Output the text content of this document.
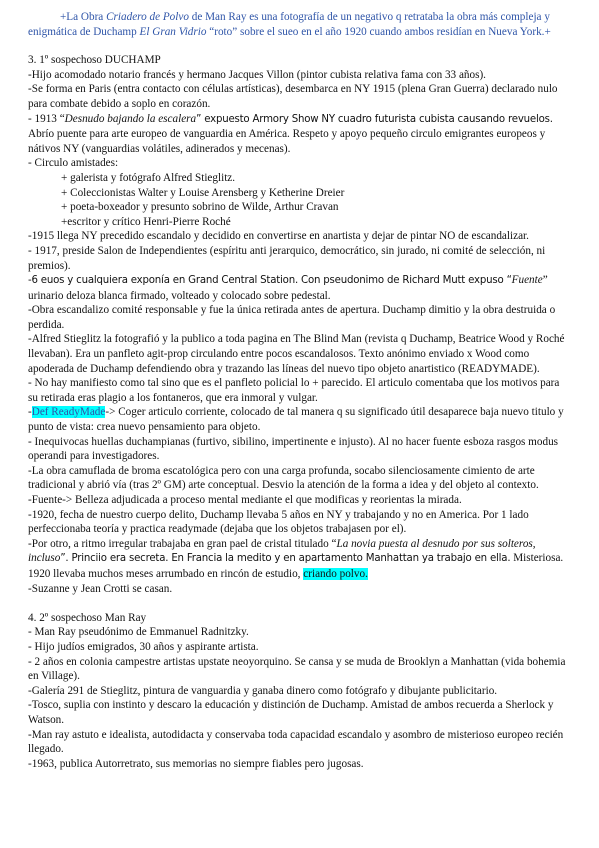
+La Obra Criadero de Polvo de Man Ray es una fotografía de un negativo q retrataba la obra más compleja y enigmática de Duchamp El Gran Vidrio “roto” sobre el sueo en el año 1920 cuando ambos residían en Nueva York.+

3. 1º sospechoso DUCHAMP

-Hijo acomodado notario francés y hermano Jacques Villon (pintor cubista relativa fama con 33 años).

-Se forma en Paris (entra contacto con células artísticas), desembarca en NY 1915 (plena Gran Guerra) declarado nulo para combate debido a soplo en corazón.

- 1913 “Desnudo bajando la escalera” expuesto Armory Show NY cuadro futurista cubista causando revuelos. Abrío puente para arte europeo de vanguardia en América. Respeto y apoyo pequeño circulo emigrantes europeos y nátivos NY (vanguardias volátiles, adinerados y mecenas).

- Circulo amistades:

+ galerista y fotógrafo Alfred Stieglitz.

+ Coleccionistas Walter y Louise Arensberg y Ketherine Dreier

+ poeta-boxeador y presunto sobrino de Wilde, Arthur Cravan

+escritor y crítico Henri-Pierre Roché

-1915 llega NY precedido escandalo y decidido en convertirse en anartista y dejar de pintar NO de escandalizar.

- 1917, preside Salon de Independientes (espíritu anti jerarquico, democrático, sin jurado, ni comité de selección, ni premios).

-6 euos y cualquiera exponía en Grand Central Station. Con pseudonimo de Richard Mutt expuso “Fuente” urinario deloza blanca firmado, volteado y colocado sobre pedestal.

-Obra escandalizo comité responsable y fue la única retirada antes de apertura. Duchamp dimitio y la obra destruida o perdida.

-Alfred Stieglitz la fotografió y la publico a toda pagina en The Blind Man (revista q Duchamp, Beatrice Wood y Roché llevaban). Era un panfleto agit-prop circulando entre pocos escandalosos. Texto anónimo enviado x Wood como apoderada de Duchamp defendiendo obra y trazando las líneas del nuevo tipo objeto anartistico (READYMADE).

- No hay manifiesto como tal sino que es el panfleto policial lo + parecido. El articulo comentaba que los motivos para su retirada eras plagio a los fontaneros, que era inmoral y vulgar.

-Def ReadyMade-> Coger articulo corriente, colocado de tal manera q su significado útil desaparece baja nuevo titulo y punto de vista: crea nuevo pensamiento para objeto.

- Inequivocas huellas duchampianas (furtivo, sibilino, impertinente e injusto). Al no hacer fuente esboza rasgos modus operandi para investigadores.

-La obra camuflada de broma escatológica pero con una carga profunda, socabo silenciosamente cimiento de arte tradicional y abrió vía (tras 2º GM) arte conceptual. Desvio la atención de la forma a idea y del objeto al contexto.

-Fuente-> Belleza adjudicada a proceso mental mediante el que modificas y reorientas la mirada.

-1920, fecha de nuestro cuerpo delito, Duchamp llevaba 5 años en NY y trabajando y no en America. Por 1 lado perfeccionaba teoría y practica readymade (dejaba que los objetos trabajasen por el).

-Por otro, a ritmo irregular trabajaba en gran pael de cristal titulado “La novia puesta al desnudo por sus solteros, incluso”. Princiio era secreta. En Francia la medito y en apartamento Manhattan ya trabajo en ella. Misteriosa. 1920 llevaba muchos meses arrumbado en rincón de estudio, criando polvo.

-Suzanne y Jean Crotti se casan.

4. 2º sospechoso Man Ray

- Man Ray pseudónimo de Emmanuel Radnitzky.

- Hijo judíos emigrados, 30 años y aspirante artista.

- 2 años en colonia campestre artistas upstate neoyorquino. Se cansa y se muda de Brooklyn a Manhattan (vida bohemia en Village).

-Galería 291 de Stieglitz, pintura de vanguardia y ganaba dinero como fotógrafo y dibujante publicitario.

-Tosco, suplia con instinto y descaro la educación y distinción de Duchamp. Amistad de ambos recuerda a Sherlock y Watson.

-Man ray astuto e idealista, autodidacta y conservaba toda capacidad escandalo y asombro de misterioso europeo recién llegado.

-1963, publica Autorretrato, sus memorias no siempre fiables pero jugosas.
